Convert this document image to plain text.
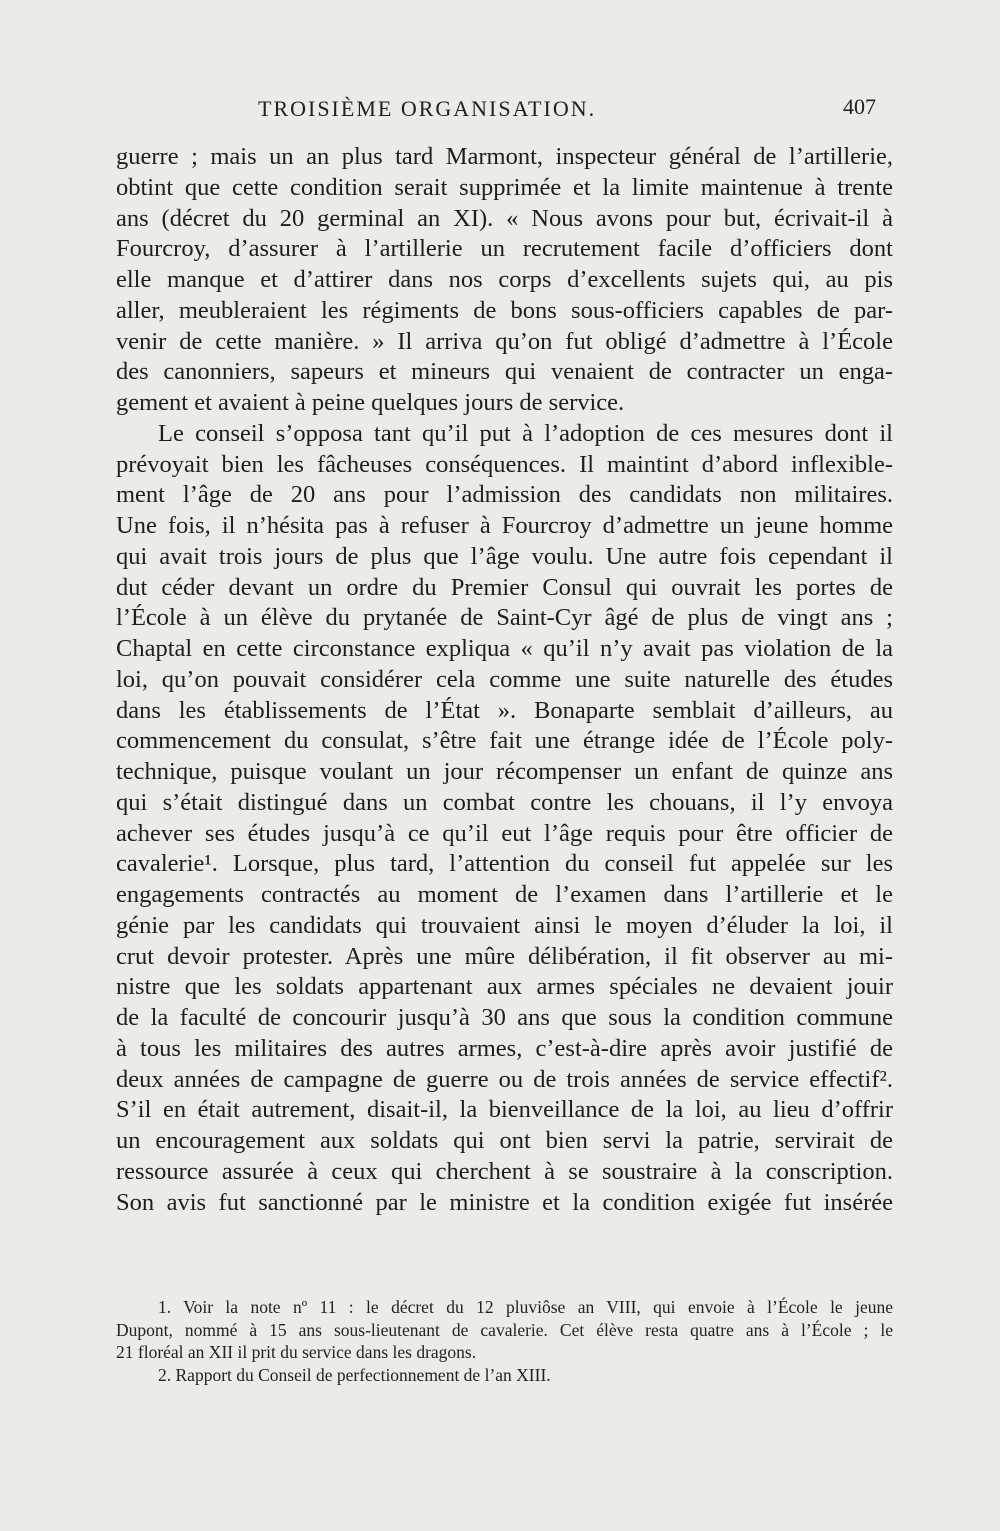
TROISIÈME ORGANISATION.	407
guerre ; mais un an plus tard Marmont, inspecteur général de l’artillerie,
obtint que cette condition serait supprimée et la limite maintenue à trente
ans (décret du 20 germinal an XI). « Nous avons pour but, écrivait-il à
Fourcroy, d’assurer à l’artillerie un recrutement facile d’officiers dont
elle manque et d’attirer dans nos corps d’excellents sujets qui, au pis
aller, meubleraient les régiments de bons sous-officiers capables de par-
venir de cette manière. » Il arriva qu’on fut obligé d’admettre à l’École
des canonniers, sapeurs et mineurs qui venaient de contracter un enga-
gement et avaient à peine quelques jours de service.
Le conseil s’opposa tant qu’il put à l’adoption de ces mesures dont il
prévoyait bien les fâcheuses conséquences. Il maintint d’abord inflexible-
ment l’âge de 20 ans pour l’admission des candidats non militaires.
Une fois, il n’hésita pas à refuser à Fourcroy d’admettre un jeune homme
qui avait trois jours de plus que l’âge voulu. Une autre fois cependant il
dut céder devant un ordre du Premier Consul qui ouvrait les portes de
l’École à un élève du prytanée de Saint-Cyr âgé de plus de vingt ans ;
Chaptal en cette circonstance expliqua « qu’il n’y avait pas violation de la
loi, qu’on pouvait considérer cela comme une suite naturelle des études
dans les établissements de l’État ». Bonaparte semblait d’ailleurs, au
commencement du consulat, s’être fait une étrange idée de l’École poly-
technique, puisque voulant un jour récompenser un enfant de quinze ans
qui s’était distingué dans un combat contre les chouans, il l’y envoya
achever ses études jusqu’à ce qu’il eut l’âge requis pour être officier de
cavalerie¹. Lorsque, plus tard, l’attention du conseil fut appelée sur les
engagements contractés au moment de l’examen dans l’artillerie et le
génie par les candidats qui trouvaient ainsi le moyen d’éluder la loi, il
crut devoir protester. Après une mûre délibération, il fit observer au mi-
nistre que les soldats appartenant aux armes spéciales ne devaient jouir
de la faculté de concourir jusqu’à 30 ans que sous la condition commune
à tous les militaires des autres armes, c’est-à-dire après avoir justifié de
deux années de campagne de guerre ou de trois années de service effectif².
S’il en était autrement, disait-il, la bienveillance de la loi, au lieu d’offrir
un encouragement aux soldats qui ont bien servi la patrie, servirait de
ressource assurée à ceux qui cherchent à se soustraire à la conscription.
Son avis fut sanctionné par le ministre et la condition exigée fut insérée
1. Voir la note nº 11 : le décret du 12 pluviôse an VIII, qui envoie à l’École le jeune
Dupont, nommé à 15 ans sous-lieutenant de cavalerie. Cet élève resta quatre ans à l’École ; le
21 floréal an XII il prit du service dans les dragons.
2. Rapport du Conseil de perfectionnement de l’an XIII.
